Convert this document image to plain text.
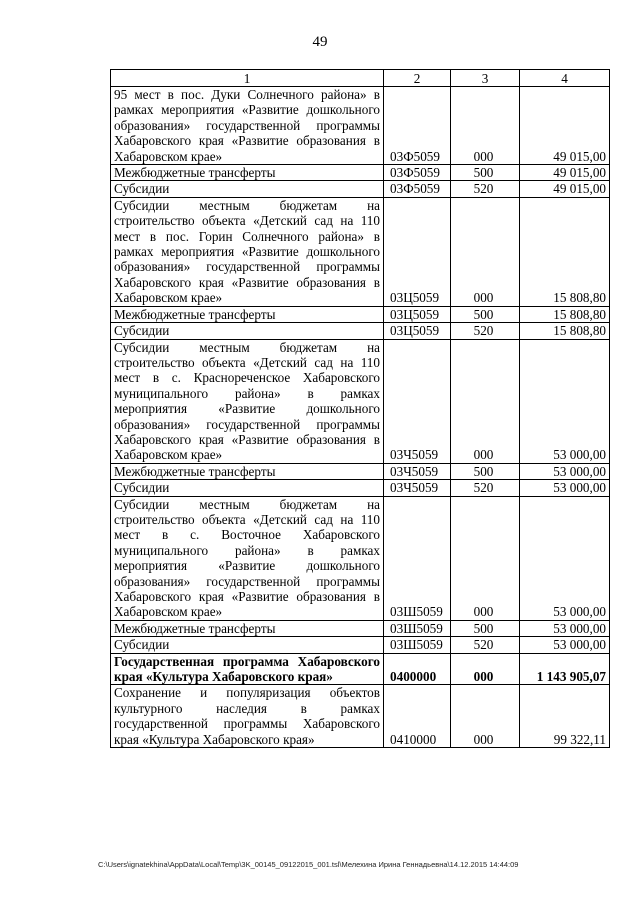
49
1	2	3	4
95 мест в пос. Дуки Солнечного района» в рамках мероприятия «Развитие дошкольного образования» государственной программы Хабаровского края «Развитие образования в Хабаровском крае»	03Ф5059	000	49 015,00
Межбюджетные трансферты	03Ф5059	500	49 015,00
Субсидии	03Ф5059	520	49 015,00
Субсидии местным бюджетам на строительство объекта «Детский сад на 110 мест в пос. Горин Солнечного района» в рамках мероприятия «Развитие дошкольного образования» государственной программы Хабаровского края «Развитие образования в Хабаровском крае»	03Ц5059	000	15 808,80
Межбюджетные трансферты	03Ц5059	500	15 808,80
Субсидии	03Ц5059	520	15 808,80
Субсидии местным бюджетам на строительство объекта «Детский сад на 110 мест в с. Краснореченское Хабаровского муниципального района» в рамках мероприятия «Развитие дошкольного образования» государственной программы Хабаровского края «Развитие образования в Хабаровском крае»	03Ч5059	000	53 000,00
Межбюджетные трансферты	03Ч5059	500	53 000,00
Субсидии	03Ч5059	520	53 000,00
Субсидии местным бюджетам на строительство объекта «Детский сад на 110 мест в с. Восточное Хабаровского муниципального района» в рамках мероприятия «Развитие дошкольного образования» государственной программы Хабаровского края «Развитие образования в Хабаровском крае»	03Ш5059	000	53 000,00
Межбюджетные трансферты	03Ш5059	500	53 000,00
Субсидии	03Ш5059	520	53 000,00
Государственная программа Хабаровского края «Культура Хабаровского края»	0400000	000	1 143 905,07
Сохранение и популяризация объектов культурного наследия в рамках государственной программы Хабаровского края «Культура Хабаровского края»	0410000	000	99 322,11
C:\Users\ignatekhina\AppData\Local\Temp\3K_00145_09122015_001.tsl\Мелехина Ирина Геннадьевна\14.12.2015 14:44:09
